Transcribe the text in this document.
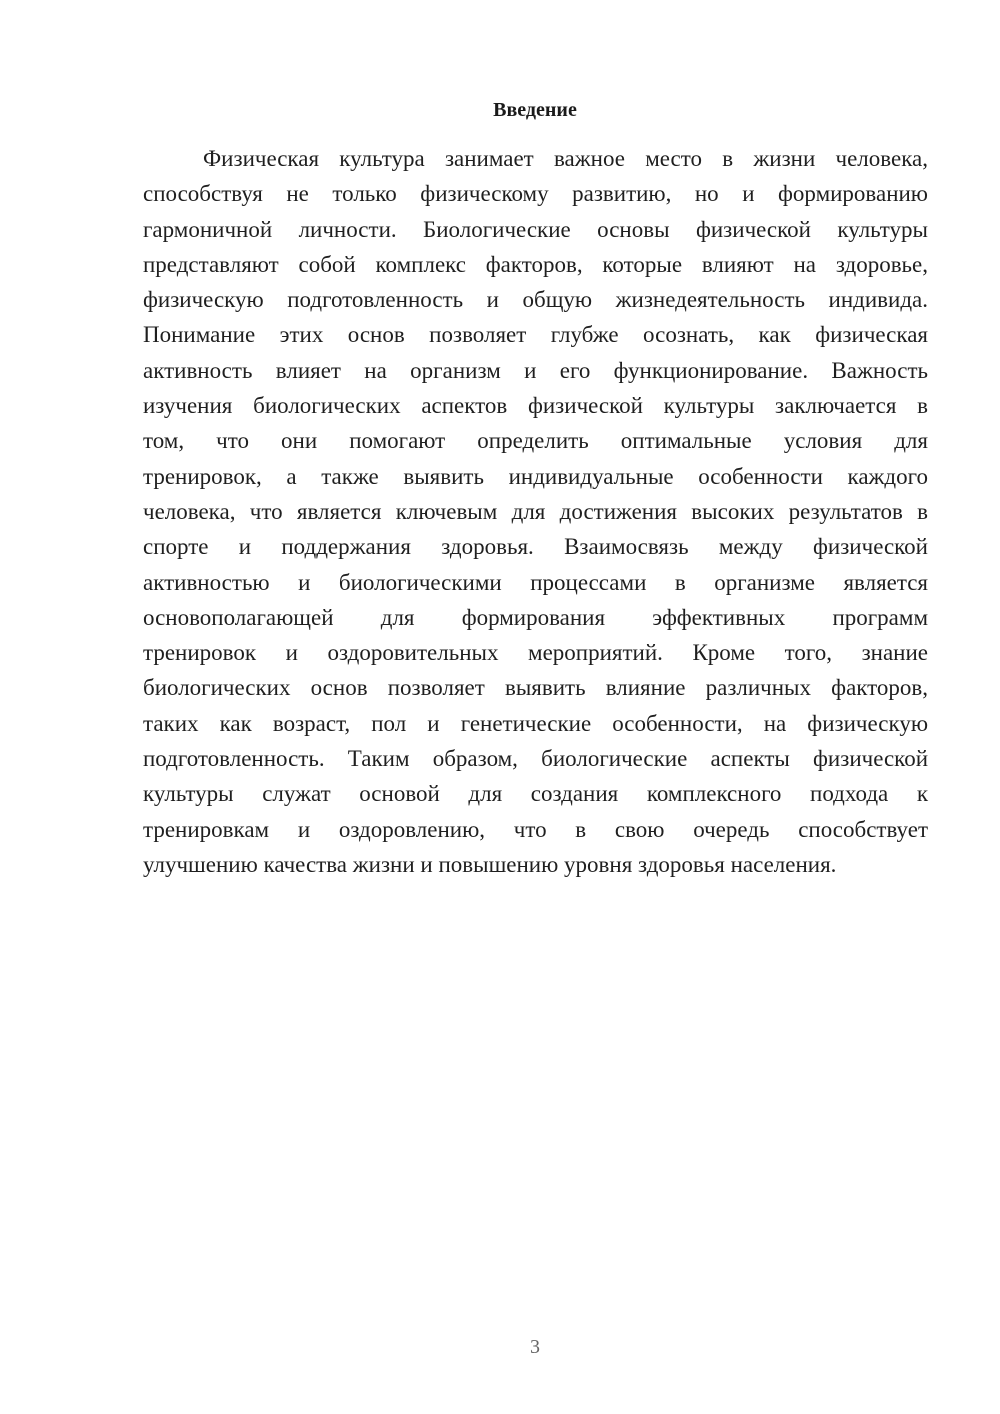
Введение
Физическая культура занимает важное место в жизни человека,
способствуя не только физическому развитию, но и формированию
гармоничной личности. Биологические основы физической культуры
представляют собой комплекс факторов, которые влияют на здоровье,
физическую подготовленность и общую жизнедеятельность индивида.
Понимание этих основ позволяет глубже осознать, как физическая
активность влияет на организм и его функционирование. Важность
изучения биологических аспектов физической культуры заключается в
том, что они помогают определить оптимальные условия для
тренировок, а также выявить индивидуальные особенности каждого
человека, что является ключевым для достижения высоких результатов в
спорте и поддержания здоровья. Взаимосвязь между физической
активностью и биологическими процессами в организме является
основополагающей для формирования эффективных программ
тренировок и оздоровительных мероприятий. Кроме того, знание
биологических основ позволяет выявить влияние различных факторов,
таких как возраст, пол и генетические особенности, на физическую
подготовленность. Таким образом, биологические аспекты физической
культуры служат основой для создания комплексного подхода к
тренировкам и оздоровлению, что в свою очередь способствует
улучшению качества жизни и повышению уровня здоровья населения.
3
